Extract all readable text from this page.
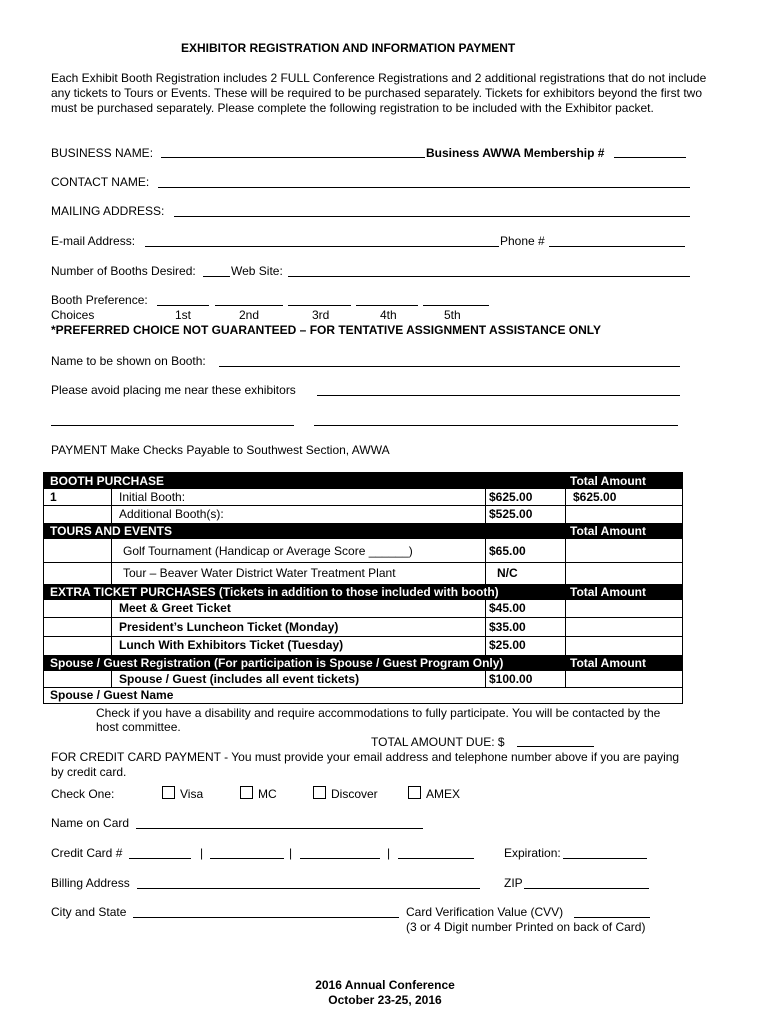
EXHIBITOR REGISTRATION AND INFORMATION PAYMENT
Each Exhibit Booth Registration includes 2 FULL Conference Registrations and 2 additional registrations that do not include any tickets to Tours or Events. These will be required to be purchased separately. Tickets for exhibitors beyond the first two must be purchased separately. Please complete the following registration to be included with the Exhibitor packet.
BUSINESS NAME:	Business AWWA Membership #
CONTACT NAME:
MAILING ADDRESS:
E-mail Address:	Phone #
Number of Booths Desired:	Web Site:
Booth Preference:
Choices	1st	2nd	3rd	4th	5th
*PREFERRED CHOICE NOT GUARANTEED – FOR TENTATIVE ASSIGNMENT ASSISTANCE ONLY
Name to be shown on Booth:
Please avoid placing me near these exhibitors
PAYMENT Make Checks Payable to Southwest Section, AWWA
BOOTH PURCHASE	Total Amount
1	Initial Booth:	$625.00	$625.00
Additional Booth(s):	$525.00
TOURS AND EVENTS	Total Amount
Golf Tournament (Handicap or Average Score ______)	$65.00
Tour – Beaver Water District Water Treatment Plant	N/C
EXTRA TICKET PURCHASES (Tickets in addition to those included with booth)	Total Amount
Meet & Greet Ticket	$45.00
President’s Luncheon Ticket (Monday)	$35.00
Lunch With Exhibitors Ticket (Tuesday)	$25.00
Spouse / Guest Registration (For participation is Spouse / Guest Program Only)	Total Amount
Spouse / Guest (includes all event tickets)	$100.00
Spouse / Guest Name
Check if you have a disability and require accommodations to fully participate. You will be contacted by the
host committee.
TOTAL AMOUNT DUE: $
FOR CREDIT CARD PAYMENT - You must provide your email address and telephone number above if you are paying
by credit card.
Check One:	Visa	MC	Discover	AMEX
Name on Card
Credit Card #	|	|	|	Expiration:
Billing Address	ZIP
City and State	Card Verification Value (CVV)
(3 or 4 Digit number Printed on back of Card)
2016 Annual Conference
October 23-25, 2016
